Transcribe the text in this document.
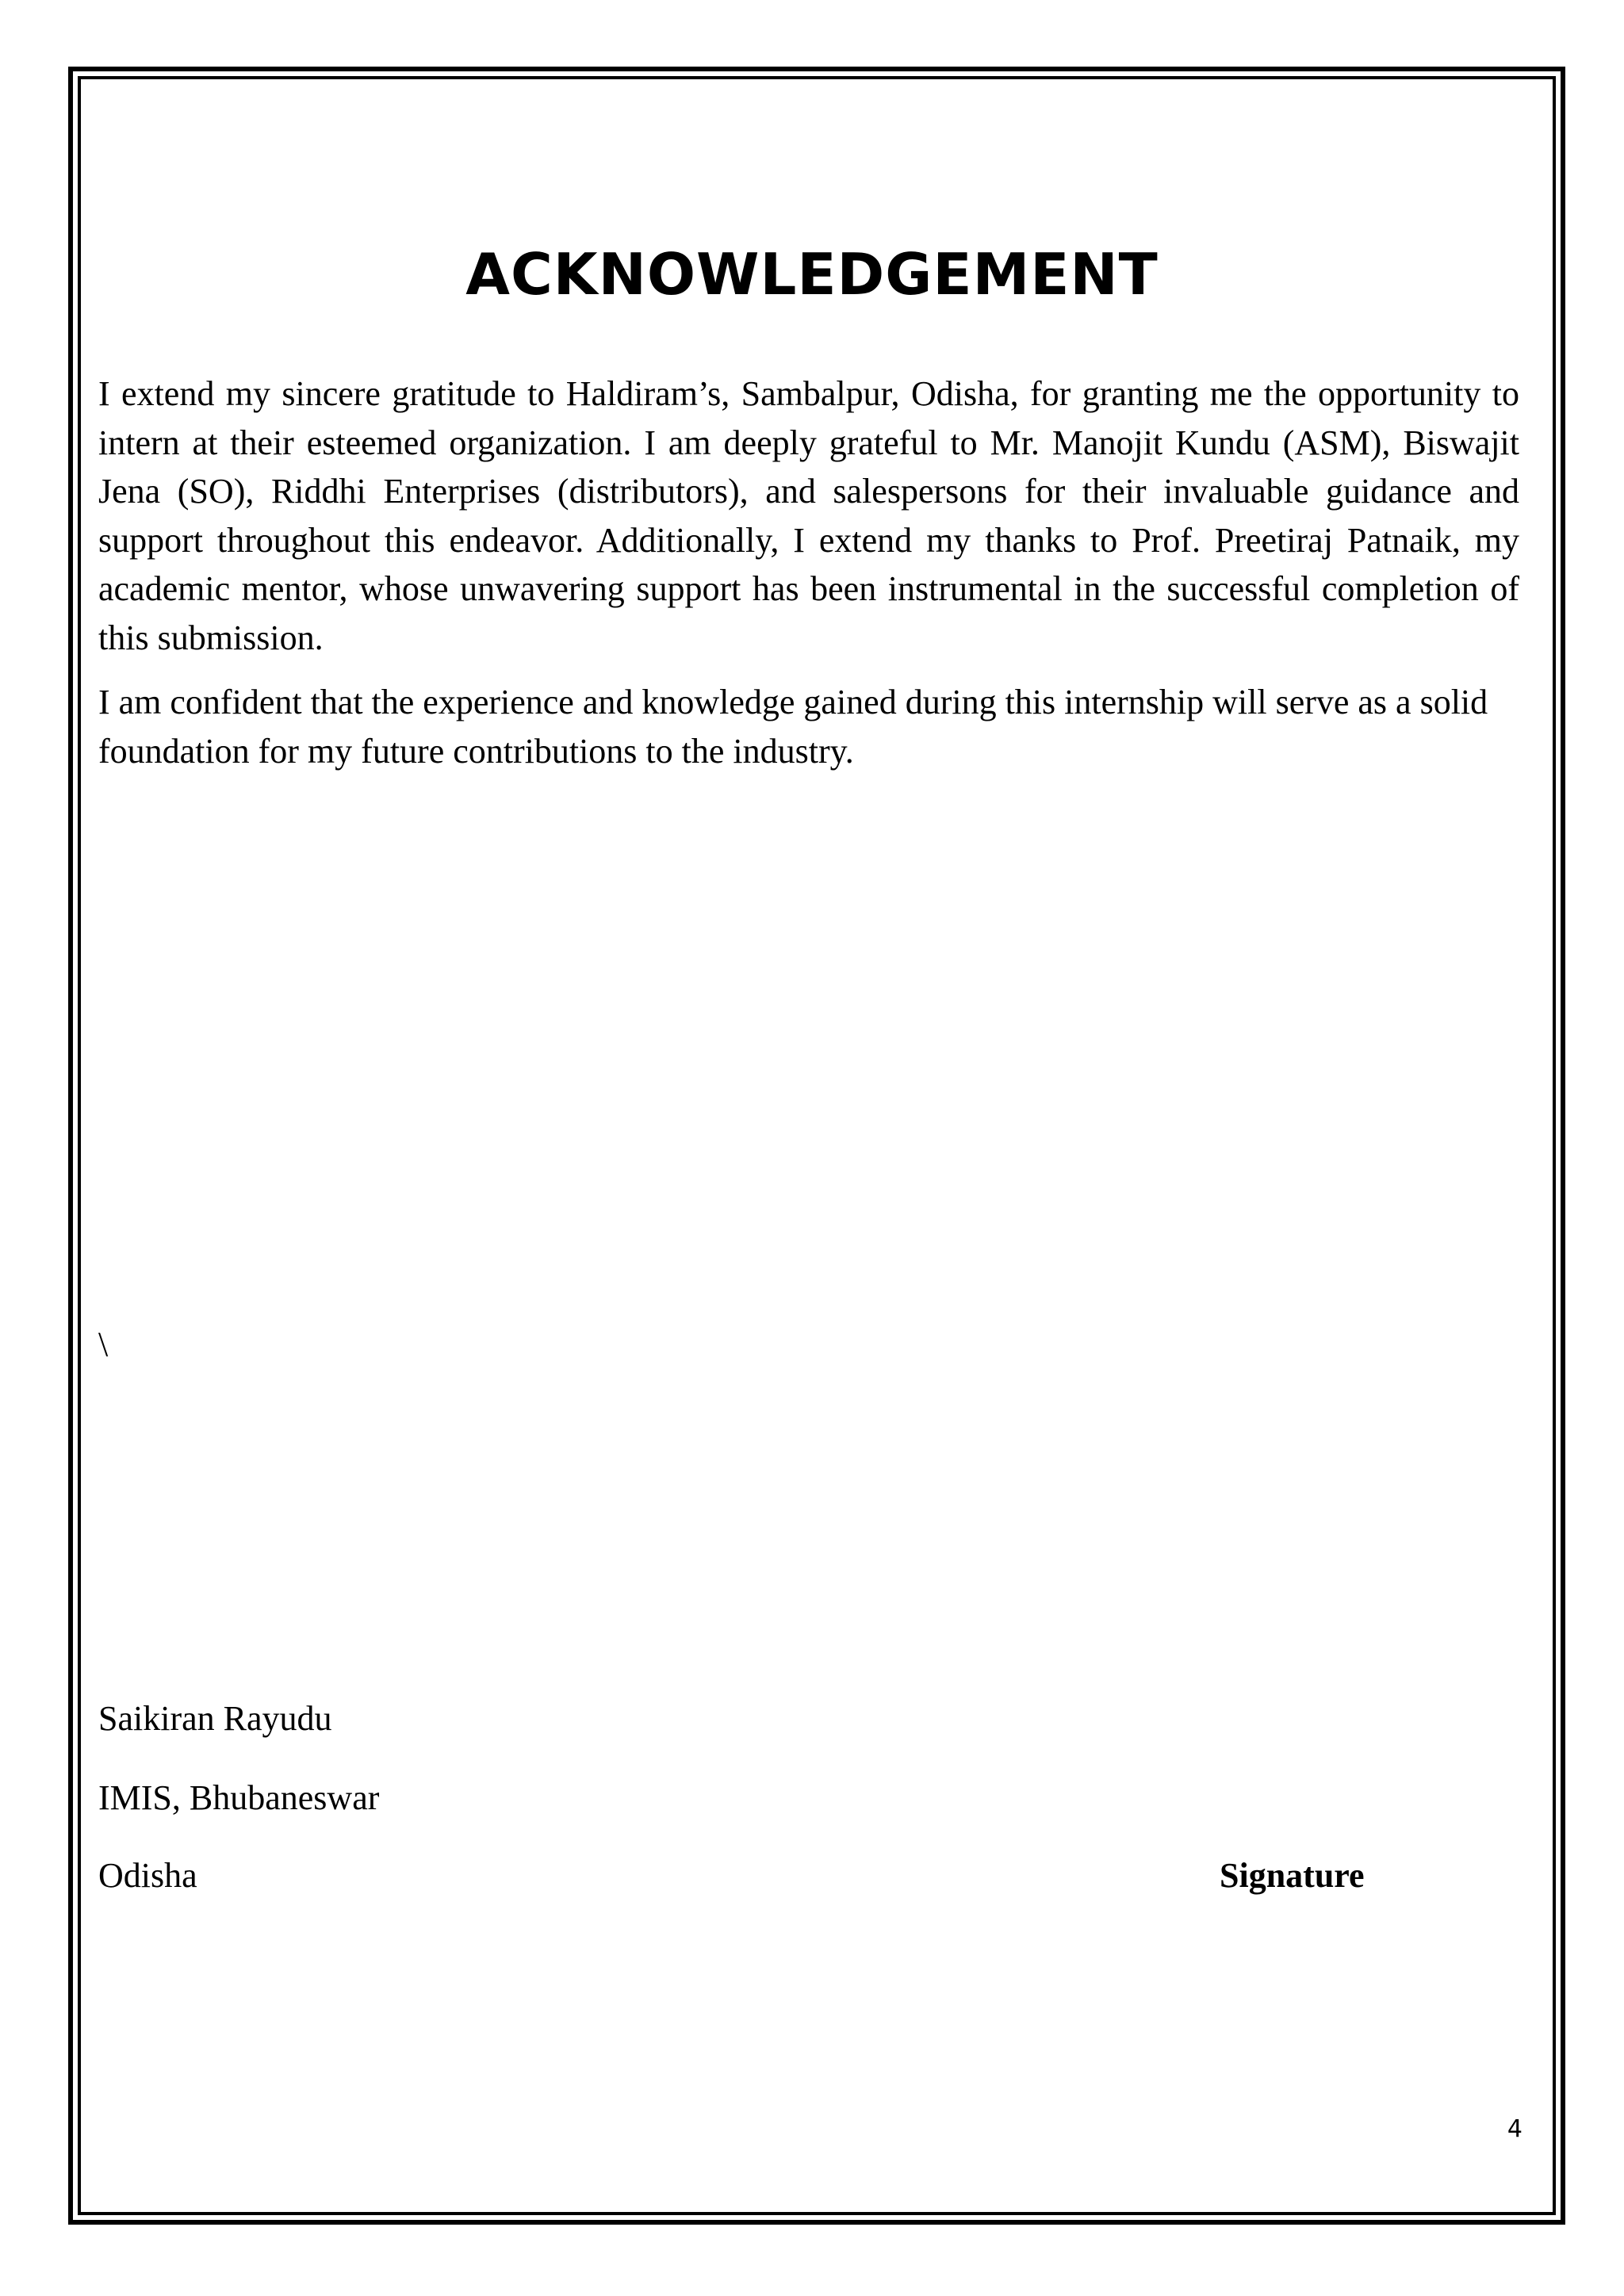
ACKNOWLEDGEMENT

I extend my sincere gratitude to Haldiram’s, Sambalpur, Odisha, for granting me the opportunity to intern at their esteemed organization. I am deeply grateful to Mr. Manojit Kundu (ASM), Biswajit Jena (SO), Riddhi Enterprises (distributors), and salespersons for their invaluable guidance and support throughout this endeavor. Additionally, I extend my thanks to Prof. Preetiraj Patnaik, my academic mentor, whose unwavering support has been instrumental in the successful completion of this submission.

I am confident that the experience and knowledge gained during this internship will serve as a solid foundation for my future contributions to the industry.

\

Saikiran Rayudu

IMIS, Bhubaneswar

Odisha	Signature

4
